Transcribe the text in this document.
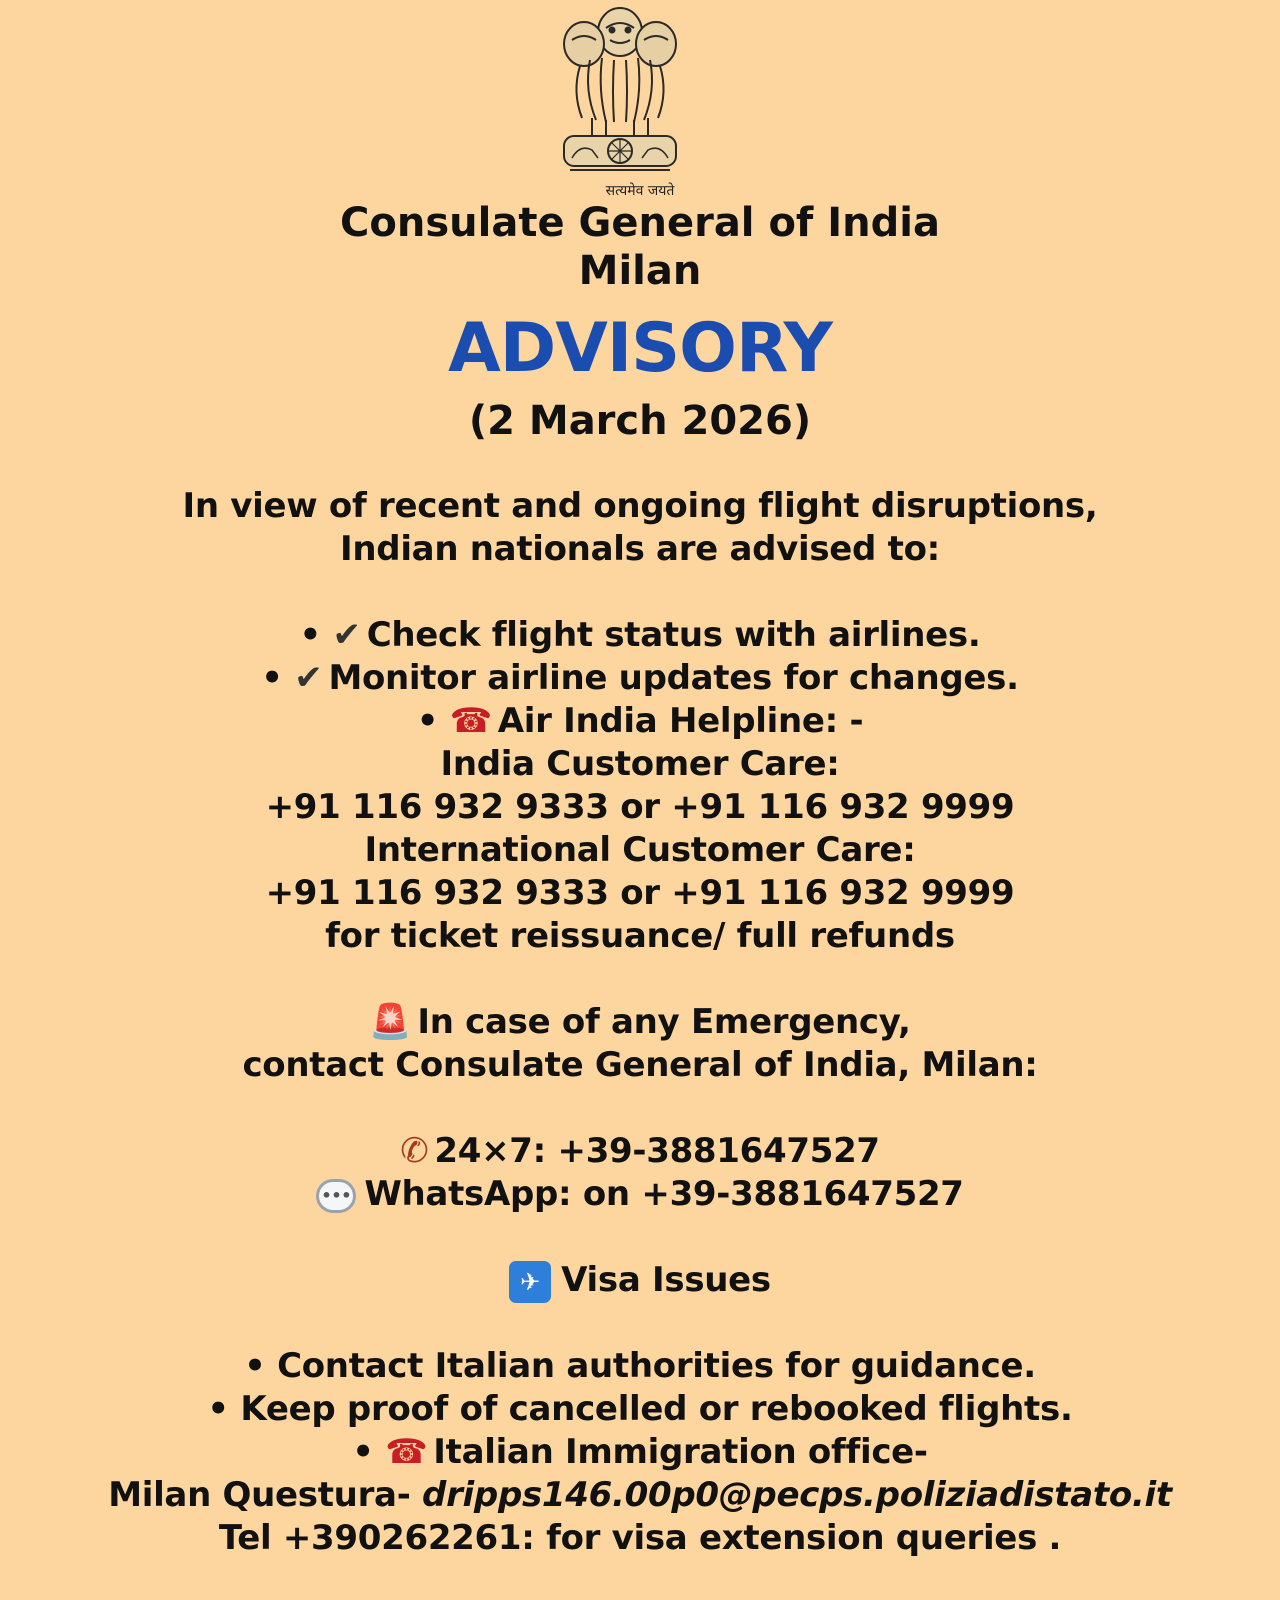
सत्यमेव जयते
Consulate General of India
Milan
ADVISORY
(2 March 2026)
In view of recent and ongoing flight disruptions,
Indian nationals are advised to:
• ✔ Check flight status with airlines.
• ✔ Monitor airline updates for changes.
• ☎ Air India Helpline: -
India Customer Care:
+91 116 932 9333 or +91 116 932 9999
International Customer Care:
+91 116 932 9333 or +91 116 932 9999
for ticket reissuance/ full refunds
🚨 In case of any Emergency,
contact Consulate General of India, Milan:
✆ 24×7: +39-3881647527
••• WhatsApp: on +39-3881647527
✈ Visa Issues
• Contact Italian authorities for guidance.
• Keep proof of cancelled or rebooked flights.
• ☎ Italian Immigration office-
Milan Questura- dripps146.00p0@pecps.poliziadistato.it
Tel +390262261: for visa extension queries .
